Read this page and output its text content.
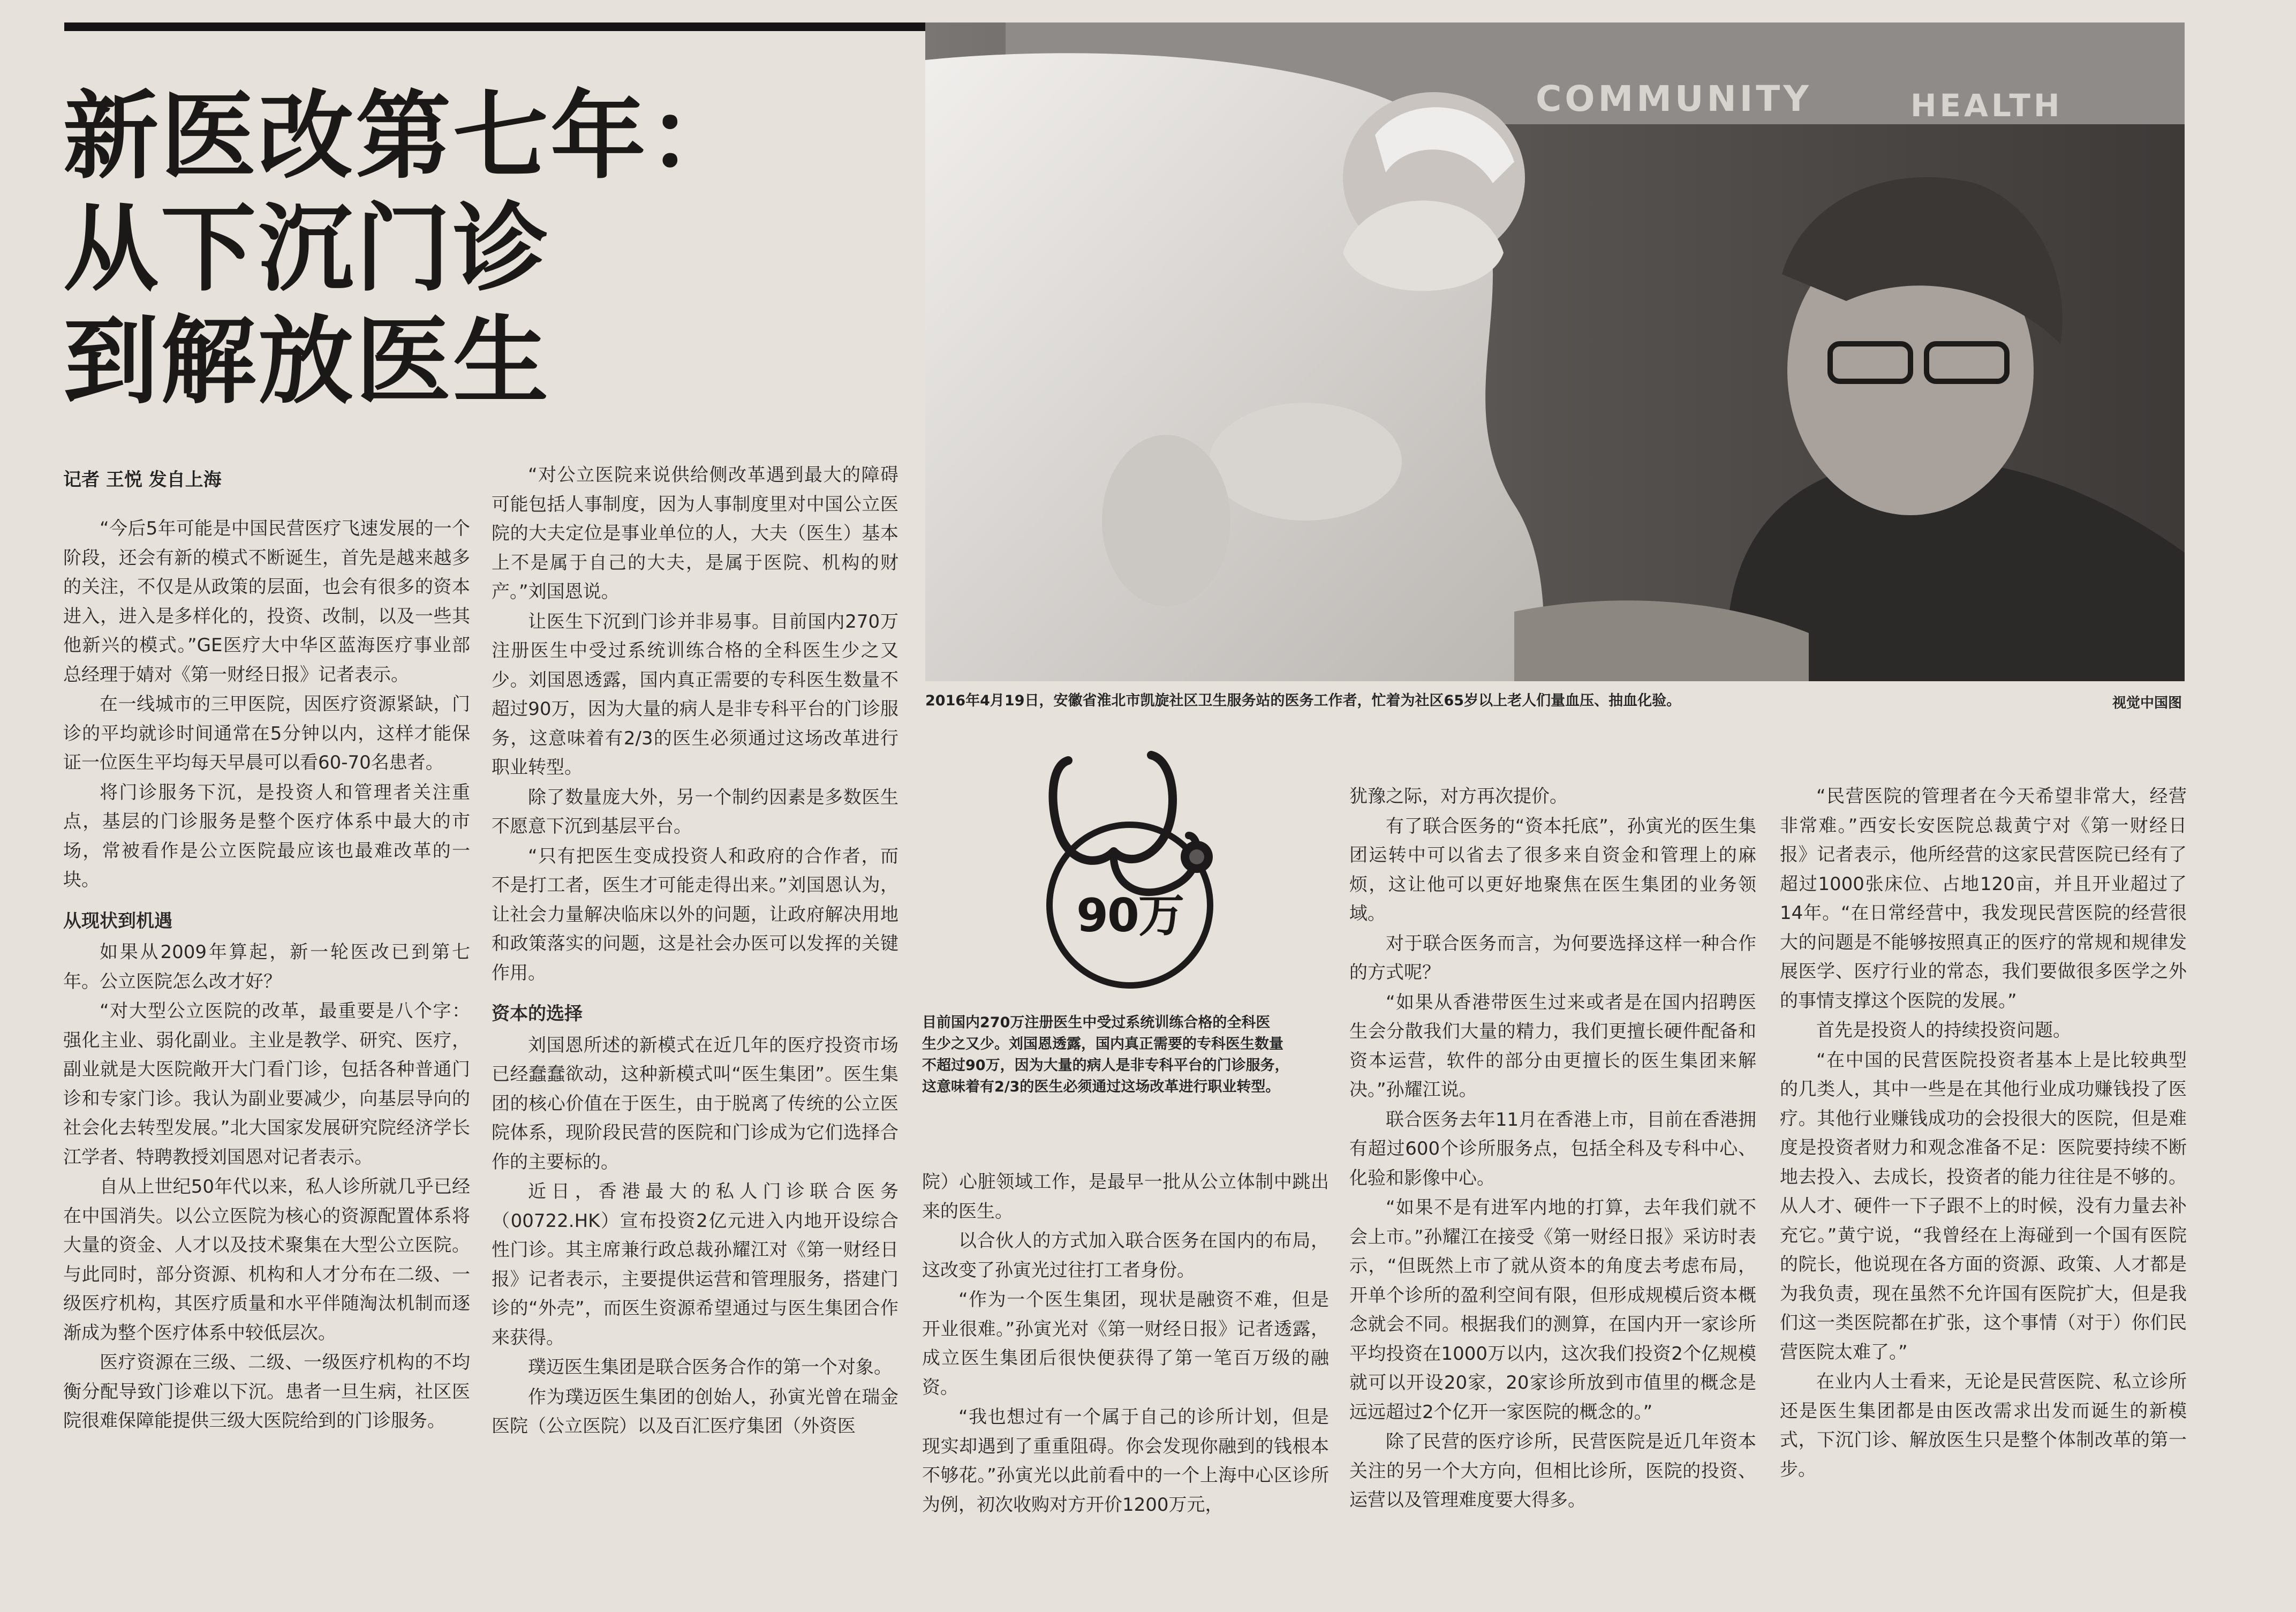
新医改第七年：
从下沉门诊
到解放医生
记者 王悦 发自上海
COMMUNITY	HEALTH
2016年4月19日，安徽省淮北市凯旋社区卫生服务站的医务工作者，忙着为社区65岁以上老人们量血压、抽血化验。	视觉中国图
90万
目前国内270万注册医生中受过系统训练合格的全科医
生少之又少。刘国恩透露，国内真正需要的专科医生数量
不超过90万，因为大量的病人是非专科平台的门诊服务，
这意味着有2/3的医生必须通过这场改革进行职业转型。

“今后5年可能是中国民营医疗飞速发展的一个阶段，还会有新的模式不断诞生，首先是越来越多的关注，不仅是从政策的层面，也会有很多的资本进入，进入是多样化的，投资、改制，以及一些其他新兴的模式。”GE医疗大中华区蓝海医疗事业部总经理于婧对《第一财经日报》记者表示。

在一线城市的三甲医院，因医疗资源紧缺，门诊的平均就诊时间通常在5分钟以内，这样才能保证一位医生平均每天早晨可以看60-70名患者。

将门诊服务下沉，是投资人和管理者关注重点，基层的门诊服务是整个医疗体系中最大的市场，常被看作是公立医院最应该也最难改革的一块。

从现状到机遇

如果从2009年算起，新一轮医改已到第七年。公立医院怎么改才好？

“对大型公立医院的改革，最重要是八个字：强化主业、弱化副业。主业是教学、研究、医疗，副业就是大医院敞开大门看门诊，包括各种普通门诊和专家门诊。我认为副业要减少，向基层导向的社会化去转型发展。”北大国家发展研究院经济学长江学者、特聘教授刘国恩对记者表示。

自从上世纪50年代以来，私人诊所就几乎已经在中国消失。以公立医院为核心的资源配置体系将大量的资金、人才以及技术聚集在大型公立医院。与此同时，部分资源、机构和人才分布在二级、一级医疗机构，其医疗质量和水平伴随淘汰机制而逐渐成为整个医疗体系中较低层次。

医疗资源在三级、二级、一级医疗机构的不均衡分配导致门诊难以下沉。患者一旦生病，社区医院很难保障能提供三级大医院给到的门诊服务。

“对公立医院来说供给侧改革遇到最大的障碍可能包括人事制度，因为人事制度里对中国公立医院的大夫定位是事业单位的人，大夫（医生）基本上不是属于自己的大夫，是属于医院、机构的财产。”刘国恩说。

让医生下沉到门诊并非易事。目前国内270万注册医生中受过系统训练合格的全科医生少之又少。刘国恩透露，国内真正需要的专科医生数量不超过90万，因为大量的病人是非专科平台的门诊服务，这意味着有2/3的医生必须通过这场改革进行职业转型。

除了数量庞大外，另一个制约因素是多数医生不愿意下沉到基层平台。

“只有把医生变成投资人和政府的合作者，而不是打工者，医生才可能走得出来。”刘国恩认为，让社会力量解决临床以外的问题，让政府解决用地和政策落实的问题，这是社会办医可以发挥的关键作用。

资本的选择

刘国恩所述的新模式在近几年的医疗投资市场已经蠢蠢欲动，这种新模式叫“医生集团”。医生集团的核心价值在于医生，由于脱离了传统的公立医院体系，现阶段民营的医院和门诊成为它们选择合作的主要标的。

近日，香港最大的私人门诊联合医务（00722.HK）宣布投资2亿元进入内地开设综合性门诊。其主席兼行政总裁孙耀江对《第一财经日报》记者表示，主要提供运营和管理服务，搭建门诊的“外壳”，而医生资源希望通过与医生集团合作来获得。

璞迈医生集团是联合医务合作的第一个对象。

作为璞迈医生集团的创始人，孙寅光曾在瑞金医院（公立医院）以及百汇医疗集团（外资医

院）心脏领域工作，是最早一批从公立体制中跳出来的医生。

以合伙人的方式加入联合医务在国内的布局，这改变了孙寅光过往打工者身份。

“作为一个医生集团，现状是融资不难，但是开业很难。”孙寅光对《第一财经日报》记者透露，成立医生集团后很快便获得了第一笔百万级的融资。

“我也想过有一个属于自己的诊所计划，但是现实却遇到了重重阻碍。你会发现你融到的钱根本不够花。”孙寅光以此前看中的一个上海中心区诊所为例，初次收购对方开价1200万元，

犹豫之际，对方再次提价。

有了联合医务的“资本托底”，孙寅光的医生集团运转中可以省去了很多来自资金和管理上的麻烦，这让他可以更好地聚焦在医生集团的业务领域。

对于联合医务而言，为何要选择这样一种合作的方式呢？

“如果从香港带医生过来或者是在国内招聘医生会分散我们大量的精力，我们更擅长硬件配备和资本运营，软件的部分由更擅长的医生集团来解决。”孙耀江说。

联合医务去年11月在香港上市，目前在香港拥有超过600个诊所服务点，包括全科及专科中心、化验和影像中心。

“如果不是有进军内地的打算，去年我们就不会上市。”孙耀江在接受《第一财经日报》采访时表示，“但既然上市了就从资本的角度去考虑布局，开单个诊所的盈利空间有限，但形成规模后资本概念就会不同。根据我们的测算，在国内开一家诊所平均投资在1000万以内，这次我们投资2个亿规模就可以开设20家，20家诊所放到市值里的概念是远远超过2个亿开一家医院的概念的。”

除了民营的医疗诊所，民营医院是近几年资本关注的另一个大方向，但相比诊所，医院的投资、运营以及管理难度要大得多。

“民营医院的管理者在今天希望非常大，经营非常难。”西安长安医院总裁黄宁对《第一财经日报》记者表示，他所经营的这家民营医院已经有了超过1000张床位、占地120亩，并且开业超过了14年。“在日常经营中，我发现民营医院的经营很大的问题是不能够按照真正的医疗的常规和规律发展医学、医疗行业的常态，我们要做很多医学之外的事情支撑这个医院的发展。”

首先是投资人的持续投资问题。

“在中国的民营医院投资者基本上是比较典型的几类人，其中一些是在其他行业成功赚钱投了医疗。其他行业赚钱成功的会投很大的医院，但是难度是投资者财力和观念准备不足：医院要持续不断地去投入、去成长，投资者的能力往往是不够的。从人才、硬件一下子跟不上的时候，没有力量去补充它。”黄宁说，“我曾经在上海碰到一个国有医院的院长，他说现在各方面的资源、政策、人才都是为我负责，现在虽然不允许国有医院扩大，但是我们这一类医院都在扩张，这个事情（对于）你们民营医院太难了。”

在业内人士看来，无论是民营医院、私立诊所还是医生集团都是由医改需求出发而诞生的新模式，下沉门诊、解放医生只是整个体制改革的第一步。
